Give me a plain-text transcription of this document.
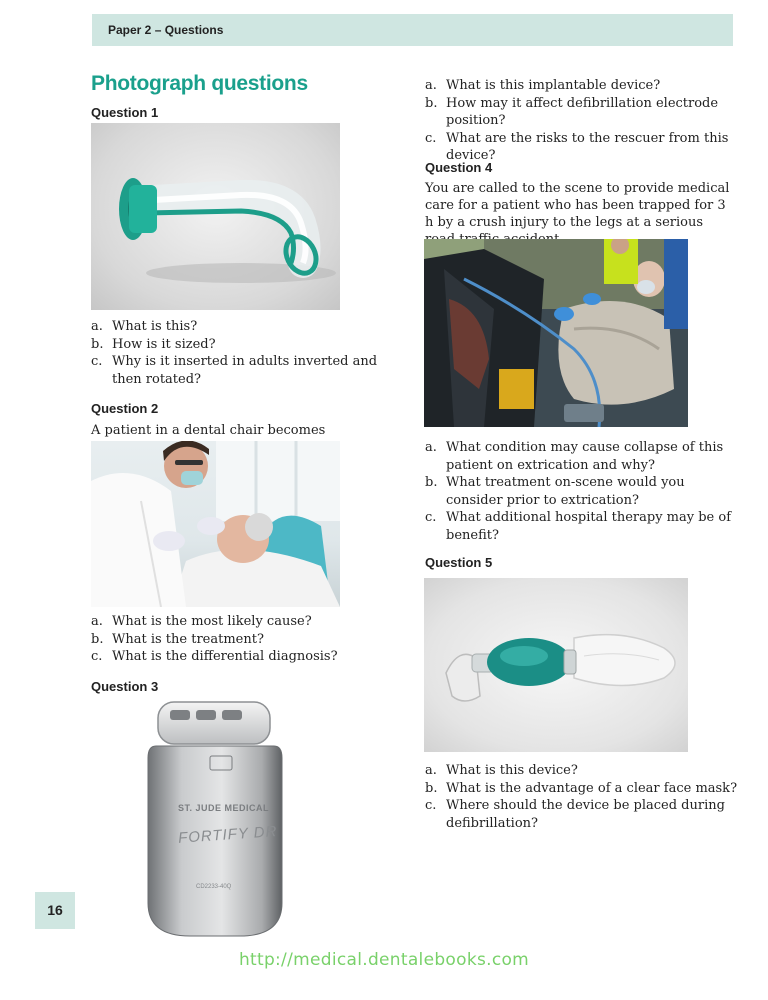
Paper 2 – Questions
Photograph questions
Question 1
a. What is this?
b. How is it sized?
c. Why is it inserted in adults inverted and then rotated?
Question 2
A patient in a dental chair becomes
a. What is the most likely cause?
b. What is the treatment?
c. What is the differential diagnosis?
Question 3
ST. JUDE MEDICAL
FORTIFY DR
CD2233-40Q
a. What is this implantable device?
b. How may it affect defibrillation electrode position?
c. What are the risks to the rescuer from this device?
Question 4
You are called to the scene to provide medical care for a patient who has been trapped for 3 h by a crush injury to the legs at a serious
a. What condition may cause collapse of this patient on extrication and why?
b. What treatment on-scene would you consider prior to extrication?
c. What additional hospital therapy may be of benefit?
Question 5
a. What is this device?
b. What is the advantage of a clear face mask?
c. Where should the device be placed during defibrillation?
16
http://medical.dentalebooks.com
